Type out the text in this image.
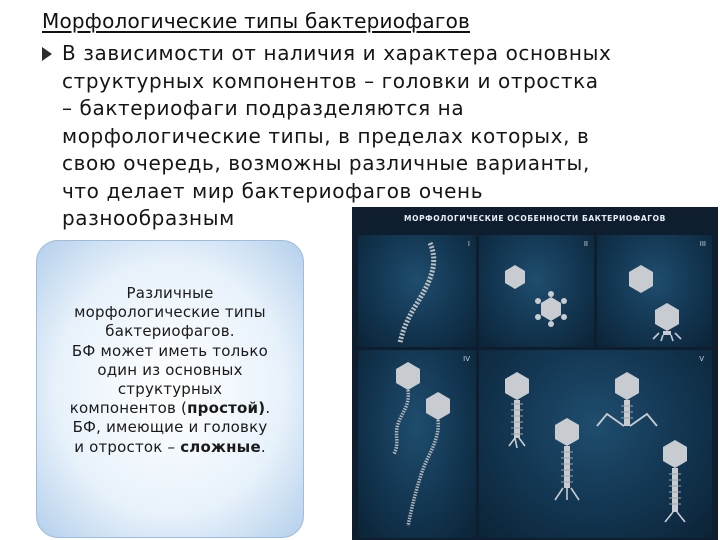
Морфологические типы бактериофагов
В зависимости от наличия и характера основных
структурных компонентов – головки и отростка
– бактериофаги подразделяются на
морфологические типы, в пределах которых, в
свою очередь, возможны различные варианты,
что делает мир бактериофагов очень
разнообразным
Различные
морфологические типы
бактериофагов.
БФ может иметь только
один из основных
структурных
компонентов (простой).
БФ, имеющие и головку
и отросток – сложные.
МОРФОЛОГИЧЕСКИЕ ОСОБЕННОСТИ БАКТЕРИОФАГОВ
I	II	III
IV	V
